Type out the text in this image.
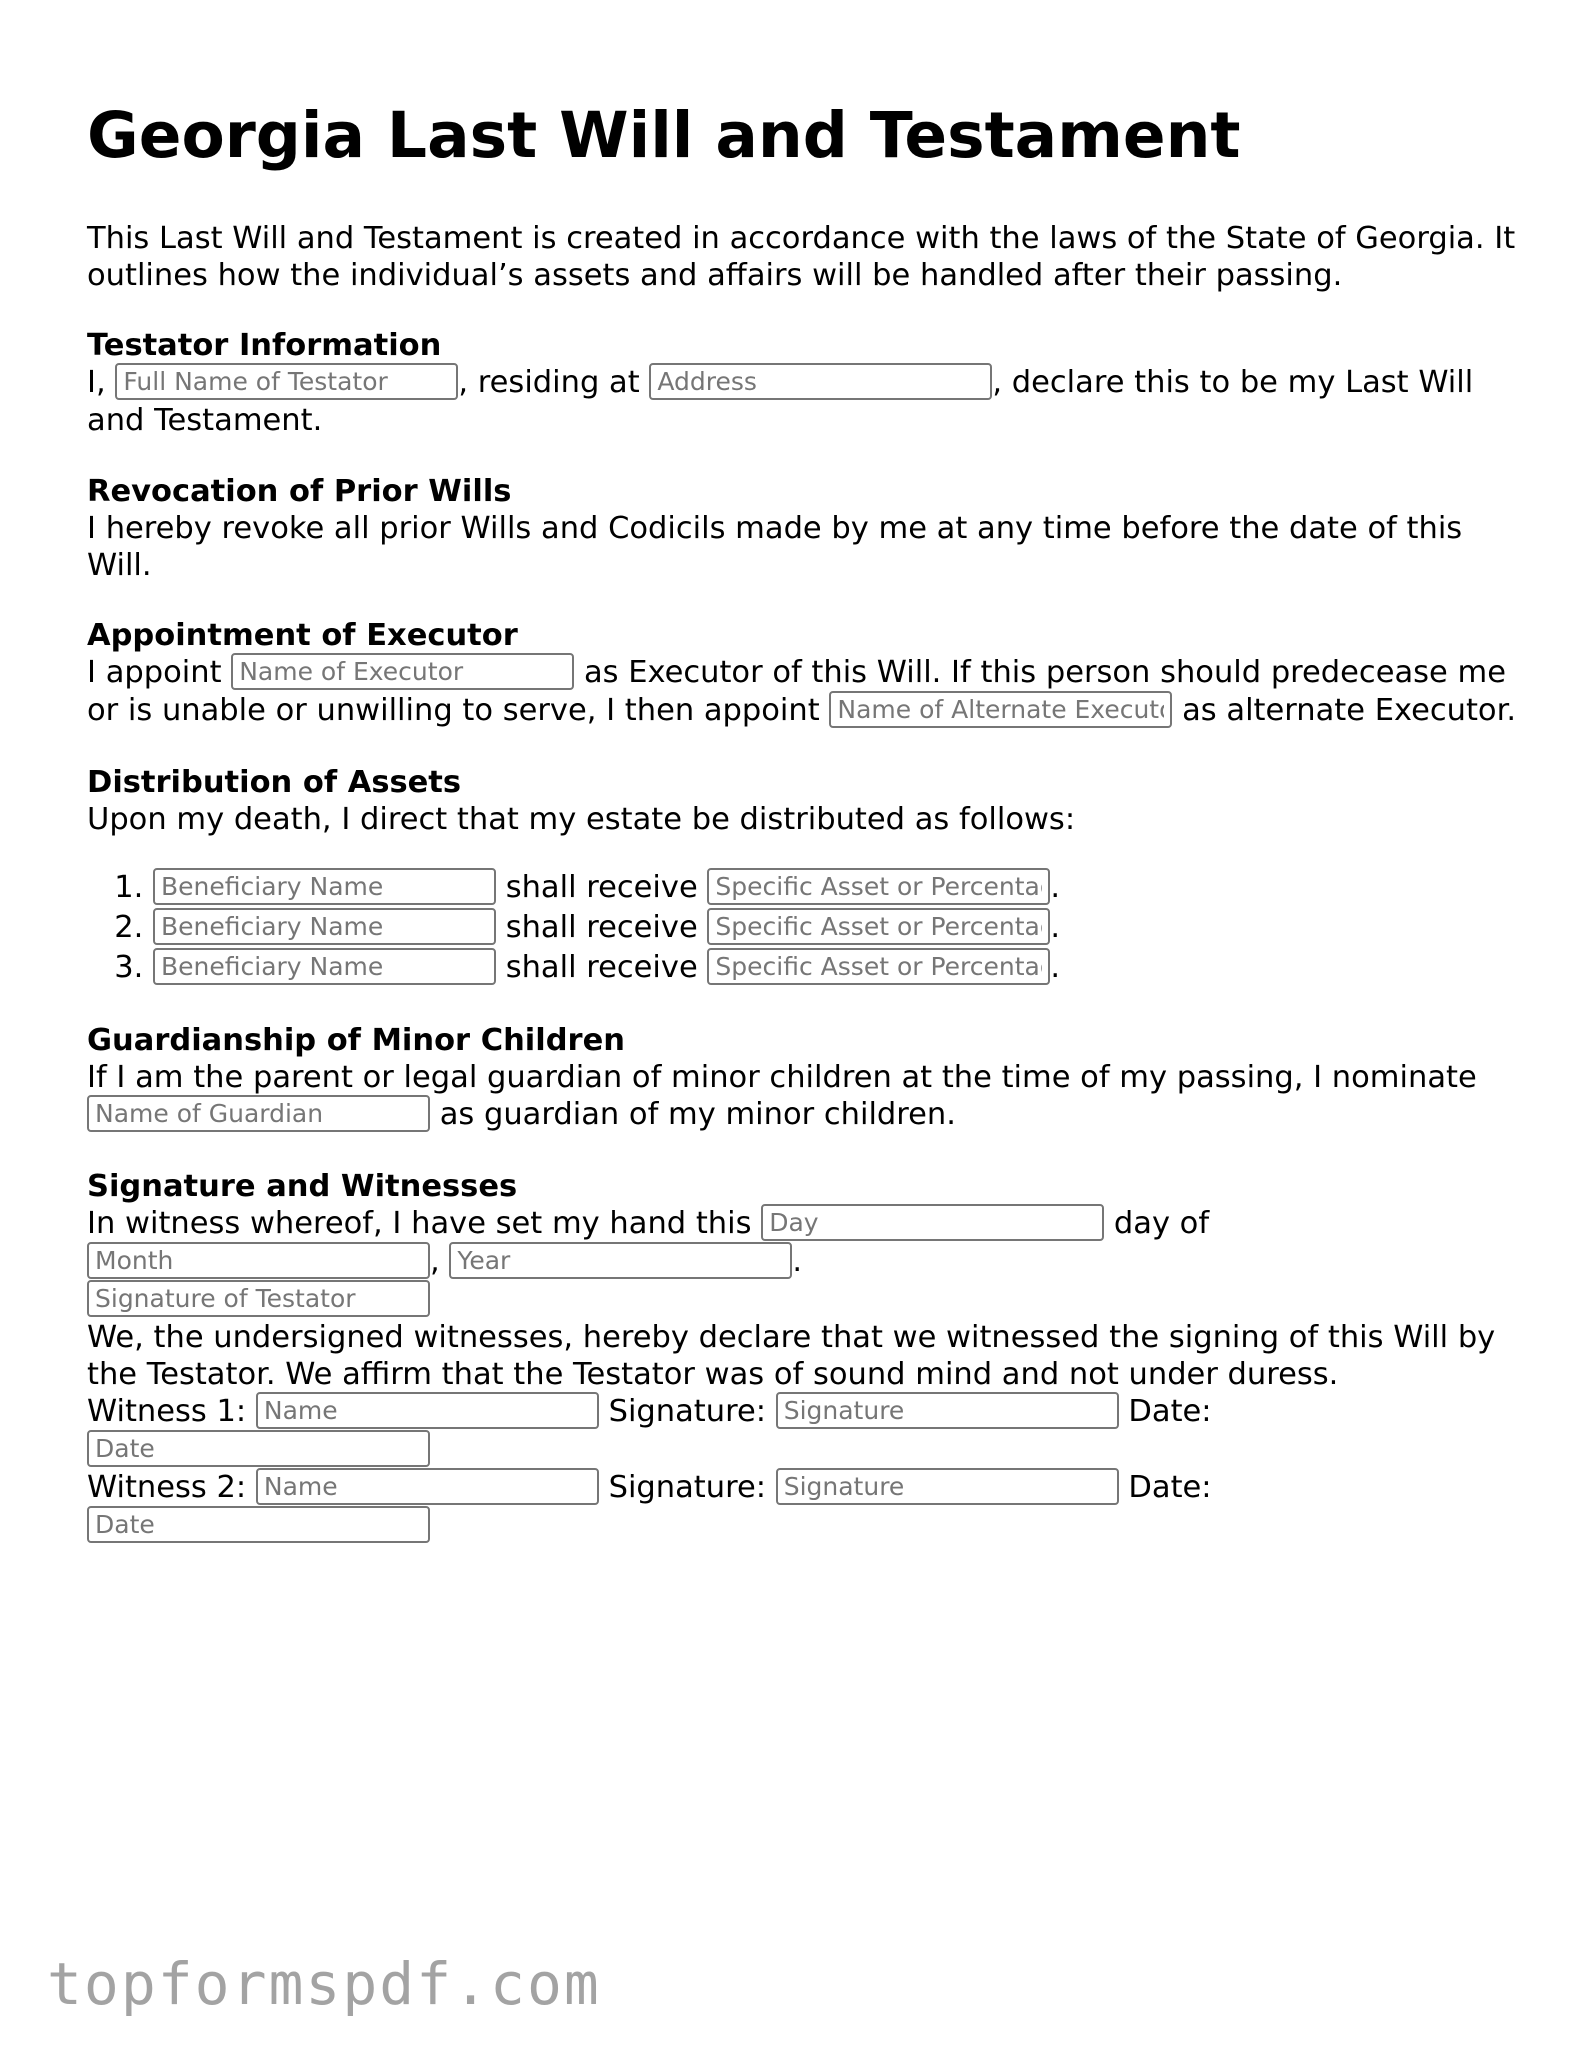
Georgia Last Will and Testament

This Last Will and Testament is created in accordance with the laws of the State of Georgia. It outlines how the individual’s assets and affairs will be handled after their passing.

Testator Information

I, Full Name of Testator	, residing at Address	, declare this to be my Last Will and Testament.

Revocation of Prior Wills

I hereby revoke all prior Wills and Codicils made by me at any time before the date of this Will.

Appointment of Executor

I appoint Name of Executor	as Executor of this Will. If this person should predecease me or is unable or unwilling to serve, I then appoint Name of Alternate Executor	as alternate Executor.

Distribution of Assets

Upon my death, I direct that my estate be distributed as follows:

Beneficiary Name 1. shall receive Specific Asset or Percentage	.
Beneficiary Name 2. shall receive Specific Asset or Percentage	.
Beneficiary Name 3. shall receive Specific Asset or Percentage	.
Guardianship of Minor Children

If I am the parent or legal guardian of minor children at the time of my passing, I nominate Name of Guardian as guardian of my minor children.

Signature and Witnesses

In witness whereof, I have set my hand this Day	day of
Month, Year	.

Signature of Testator

We, the undersigned witnesses, hereby declare that we witnessed the signing of this Will by the Testator. We affirm that the Testator was of sound mind and not under duress.

Witness 1: Name	Signature: Signature	Date:
Date

Witness 2: Name	Signature: Signature	Date:
Date

topformspdf.com
